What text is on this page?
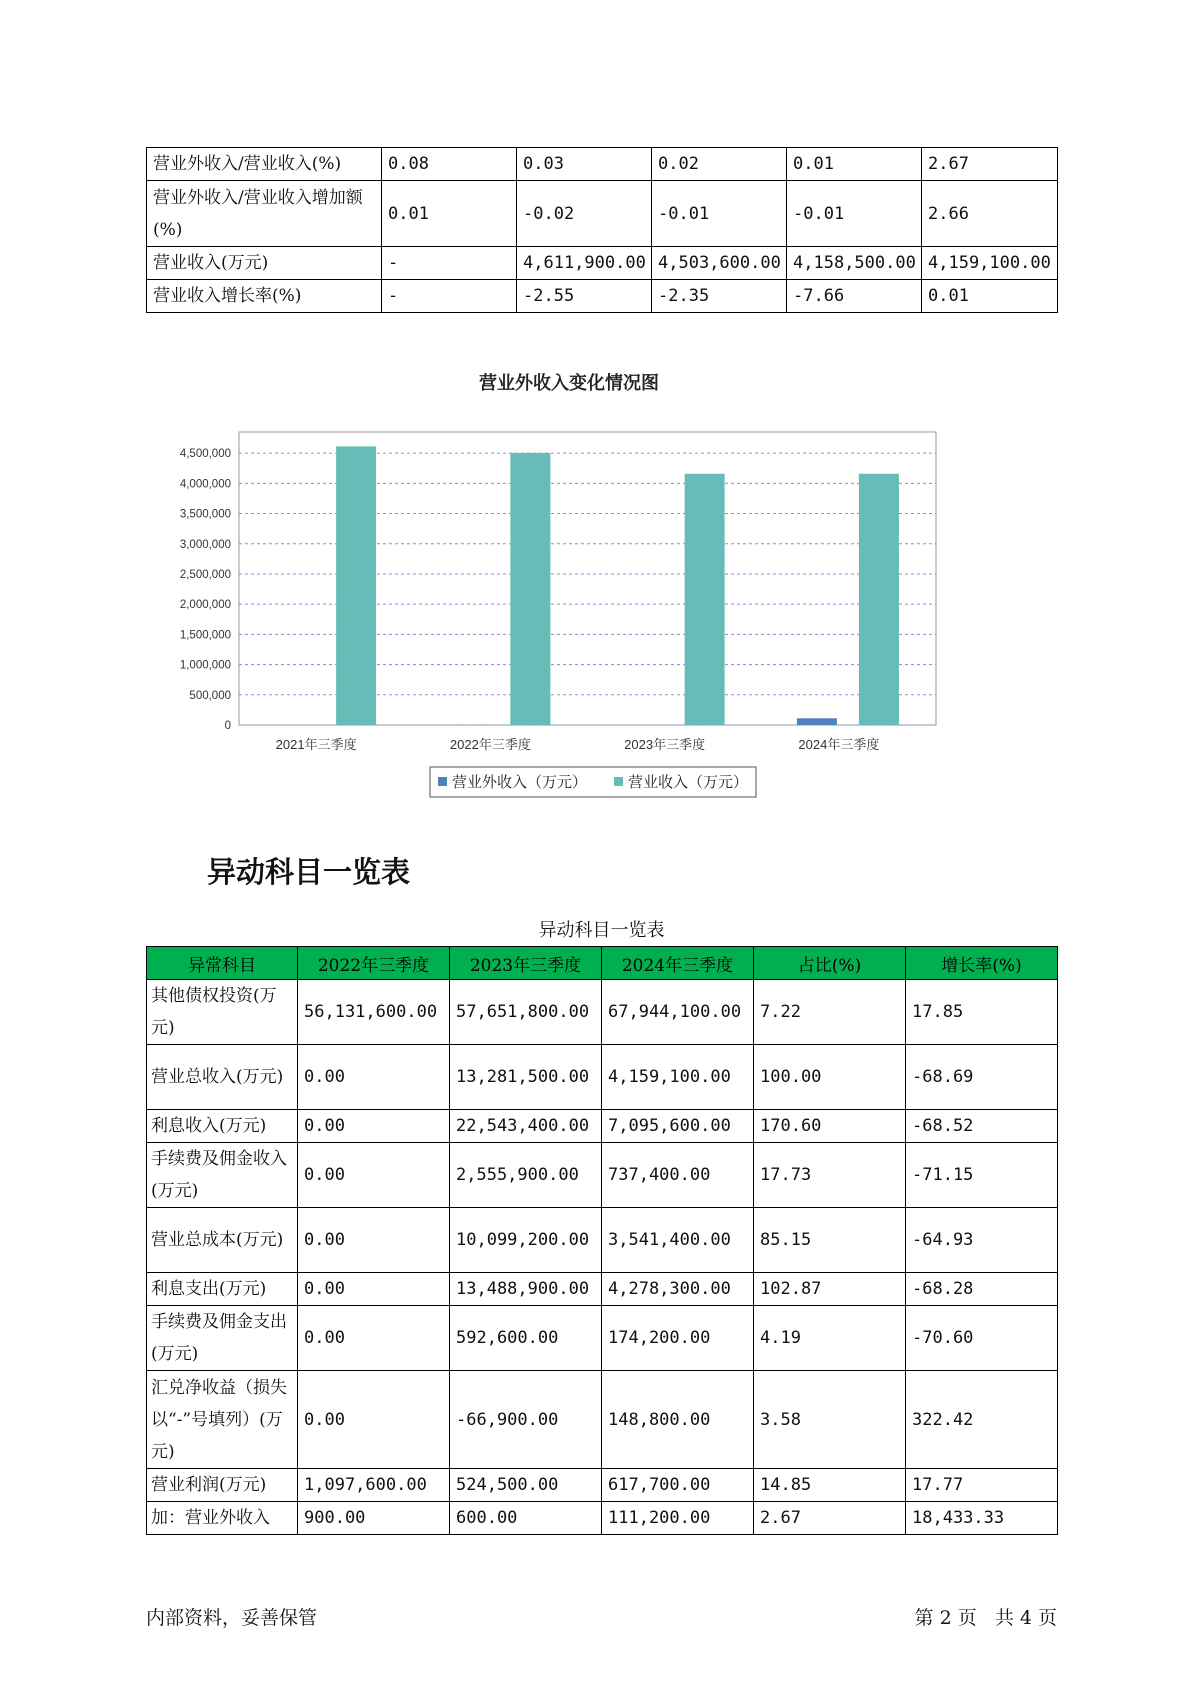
营业外收入/营业收入(%)	0.08	0.03	0.02	0.01	2.67
营业外收入/营业收入增加额(%)	0.01	-0.02	-0.01	-0.01	2.66
营业收入(万元)	-	4,611,900.00	4,503,600.00	4,158,500.00	4,159,100.00
营业收入增长率(%)	-	-2.55	-2.35	-7.66	0.01
营业外收入变化情况图
0
500,000
1,000,000
1,500,000
2,000,000
2,500,000
3,000,000
3,500,000
4,000,000
4,500,000
2021年三季度	2022年三季度	2023年三季度	2024年三季度
营业外收入（万元）	营业收入（万元）
异动科目一览表
异动科目一览表
异常科目	2022年三季度	2023年三季度	2024年三季度	占比(%)	增长率(%)
其他债权投资(万元)	56,131,600.00	57,651,800.00	67,944,100.00	7.22	17.85
营业总收入(万元)	0.00	13,281,500.00	4,159,100.00	100.00	-68.69
利息收入(万元)	0.00	22,543,400.00	7,095,600.00	170.60	-68.52
手续费及佣金收入(万元)	0.00	2,555,900.00	737,400.00	17.73	-71.15
营业总成本(万元)	0.00	10,099,200.00	3,541,400.00	85.15	-64.93
利息支出(万元)	0.00	13,488,900.00	4,278,300.00	102.87	-68.28
手续费及佣金支出(万元)	0.00	592,600.00	174,200.00	4.19	-70.60
汇兑净收益（损失以“-”号填列）(万元)	0.00	-66,900.00	148,800.00	3.58	322.42
营业利润(万元)	1,097,600.00	524,500.00	617,700.00	14.85	17.77
加：营业外收入	900.00	600.00	111,200.00	2.67	18,433.33
内部资料，妥善保管	第 2 页   共 4 页
